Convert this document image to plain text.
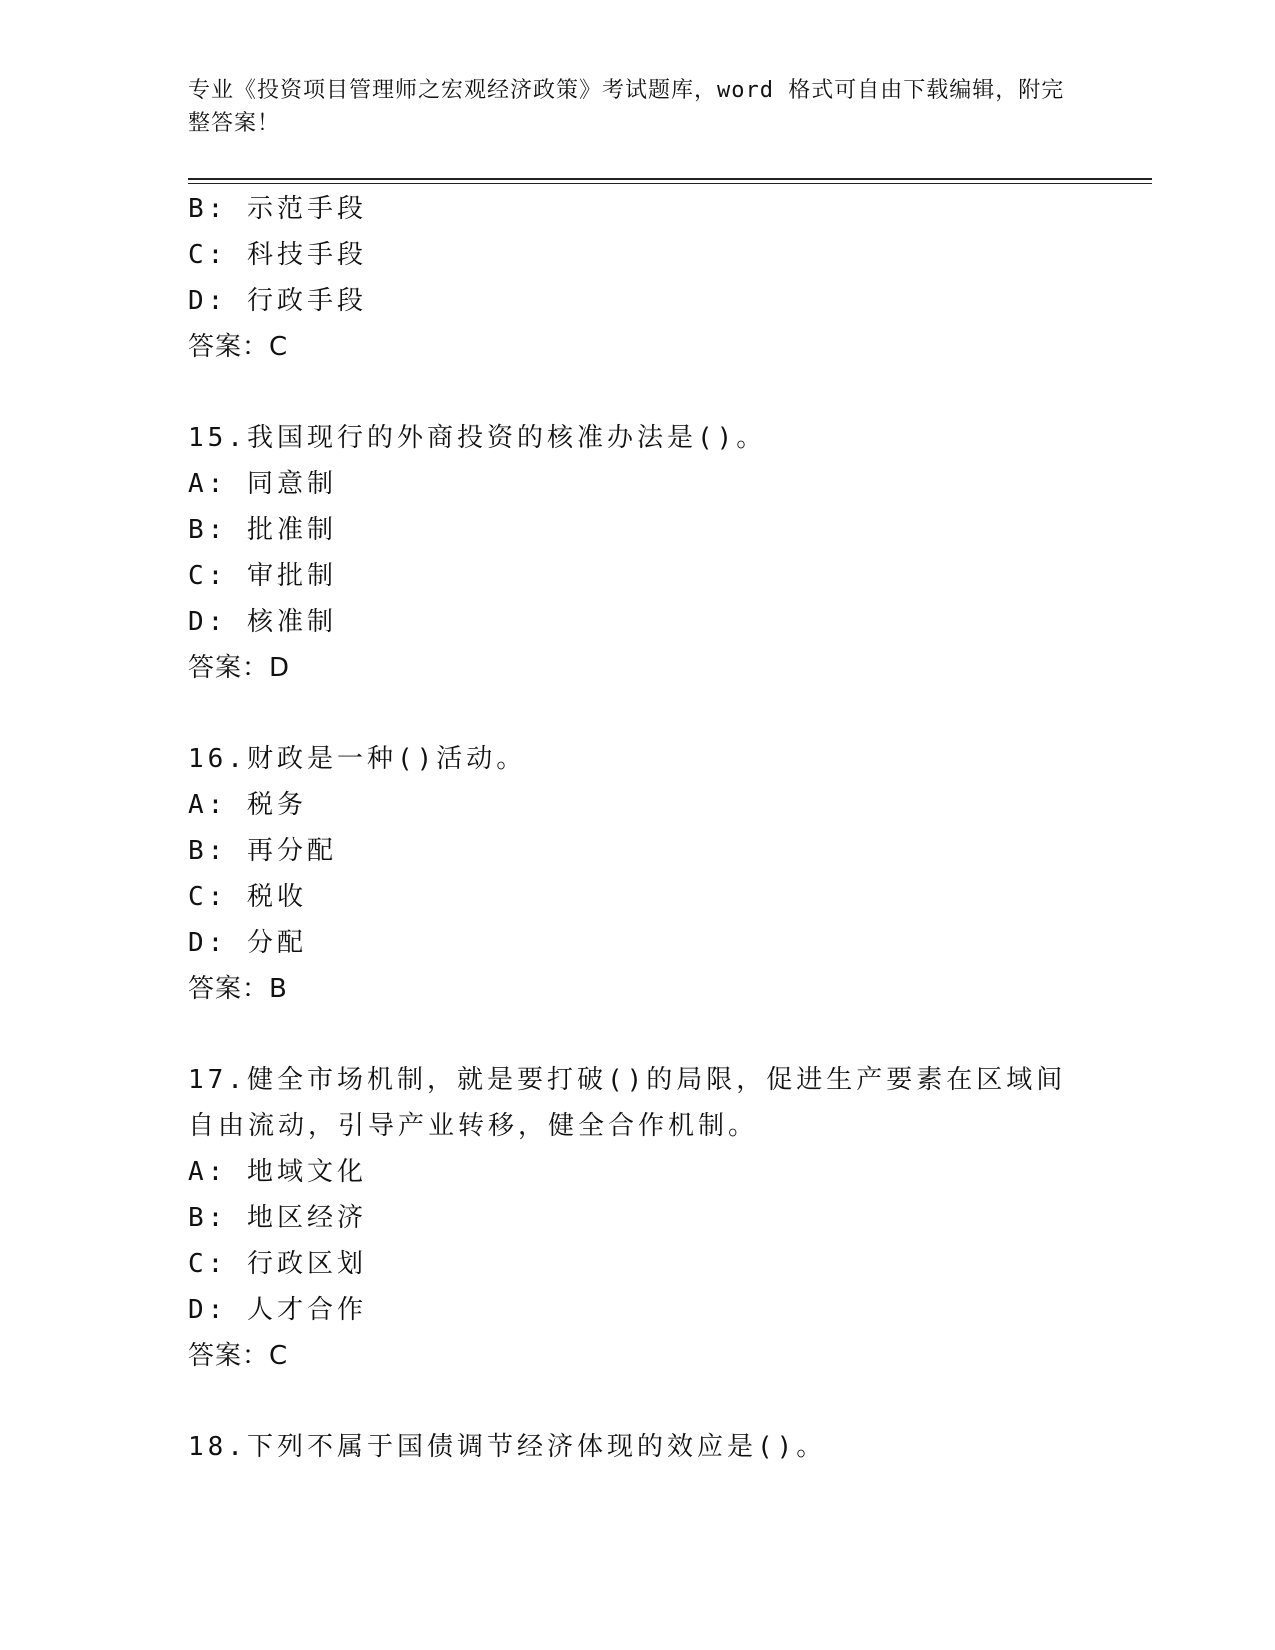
专业《投资项目管理师之宏观经济政策》考试题库，word 格式可自由下载编辑，附完整答案！
B: 示范手段
C: 科技手段
D: 行政手段
答案：C
15.我国现行的外商投资的核准办法是()。
A: 同意制
B: 批准制
C: 审批制
D: 核准制
答案：D
16.财政是一种()活动。
A: 税务
B: 再分配
C: 税收
D: 分配
答案：B
17.健全市场机制，就是要打破()的局限，促进生产要素在区域间自由流动，引导产业转移，健全合作机制。
A: 地域文化
B: 地区经济
C: 行政区划
D: 人才合作
答案：C
18.下列不属于国债调节经济体现的效应是()。
